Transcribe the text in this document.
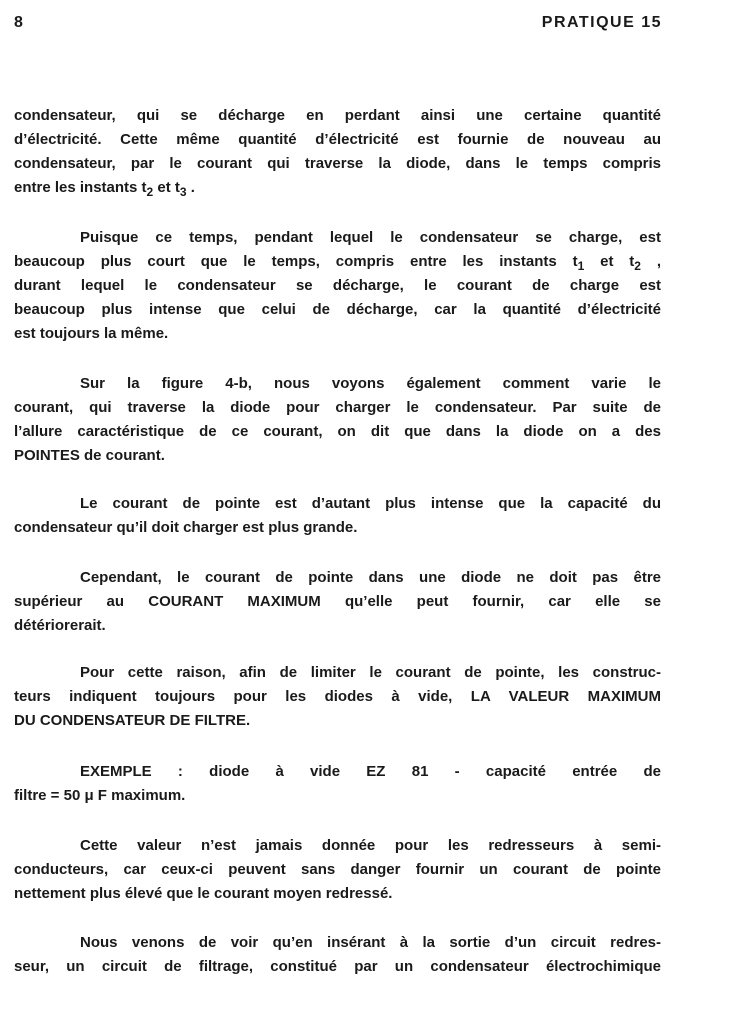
8	PRATIQUE 15
condensateur, qui se décharge en perdant ainsi une certaine quantité
d’électricité. Cette même quantité d’électricité est fournie de nouveau au
condensateur, par le courant qui traverse la diode, dans le temps compris
entre les instants $t_2$ et $t_3$ .
Puisque ce temps, pendant lequel le condensateur se charge, est
beaucoup plus court que le temps, compris entre les instants $t_1$ et $t_2$ ,
durant lequel le condensateur se décharge, le courant de charge est
beaucoup plus intense que celui de décharge, car la quantité d’électricité
est toujours la même.
Sur la figure 4-b, nous voyons également comment varie le
courant, qui traverse la diode pour charger le condensateur. Par suite de
l’allure caractéristique de ce courant, on dit que dans la diode on a des
POINTES de courant.
Le courant de pointe est d’autant plus intense que la capacité du
condensateur qu’il doit charger est plus grande.
Cependant, le courant de pointe dans une diode ne doit pas être
supérieur au COURANT MAXIMUM qu’elle peut fournir, car elle se
détériorerait.
Pour cette raison, afin de limiter le courant de pointe, les construc-
teurs indiquent toujours pour les diodes à vide, LA VALEUR MAXIMUM
DU CONDENSATEUR DE FILTRE.
EXEMPLE : diode à vide EZ 81 - capacité entrée de
filtre = 50 μ F maximum.
Cette valeur n’est jamais donnée pour les redresseurs à semi-
conducteurs, car ceux-ci peuvent sans danger fournir un courant de pointe
nettement plus élevé que le courant moyen redressé.
Nous venons de voir qu’en insérant à la sortie d’un circuit redres-
seur, un circuit de filtrage, constitué par un condensateur électrochimique
